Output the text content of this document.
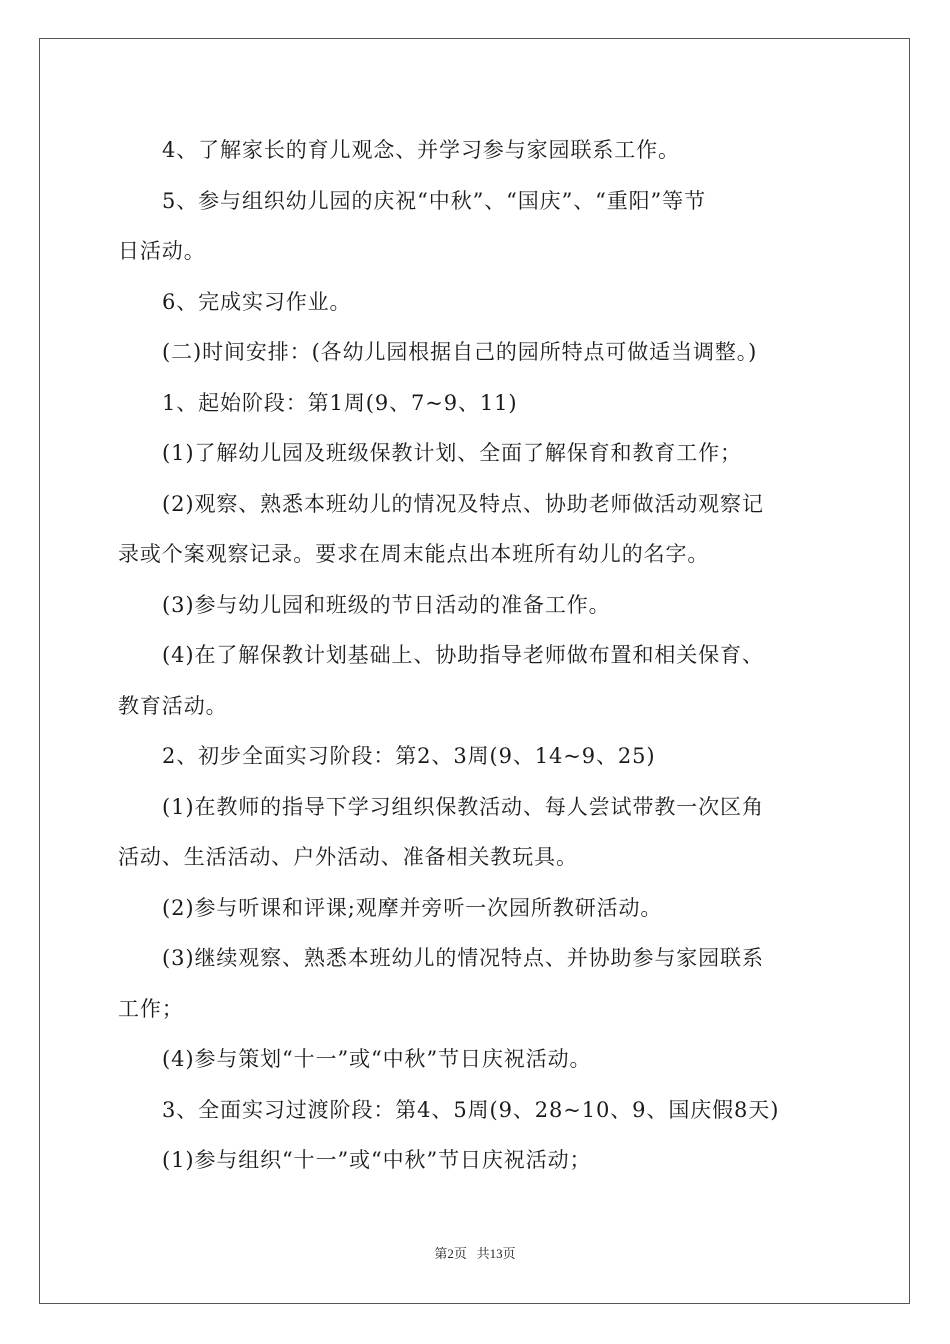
4、了解家长的育儿观念、并学习参与家园联系工作。
5、参与组织幼儿园的庆祝“中秋”、“国庆”、“重阳”等节
日活动。
6、完成实习作业。
(二)时间安排：(各幼儿园根据自己的园所特点可做适当调整。)
1、起始阶段：第1周(9、7~9、11)
(1)了解幼儿园及班级保教计划、全面了解保育和教育工作；
(2)观察、熟悉本班幼儿的情况及特点、协助老师做活动观察记
录或个案观察记录。要求在周末能点出本班所有幼儿的名字。
(3)参与幼儿园和班级的节日活动的准备工作。
(4)在了解保教计划基础上、协助指导老师做布置和相关保育、
教育活动。
2、初步全面实习阶段：第2、3周(9、14~9、25)
(1)在教师的指导下学习组织保教活动、每人尝试带教一次区角
活动、生活活动、户外活动、准备相关教玩具。
(2)参与听课和评课;观摩并旁听一次园所教研活动。
(3)继续观察、熟悉本班幼儿的情况特点、并协助参与家园联系
工作；
(4)参与策划“十一”或“中秋”节日庆祝活动。
3、全面实习过渡阶段：第4、5周(9、28~10、9、国庆假8天)
(1)参与组织“十一”或“中秋”节日庆祝活动；
第2页 共13页
